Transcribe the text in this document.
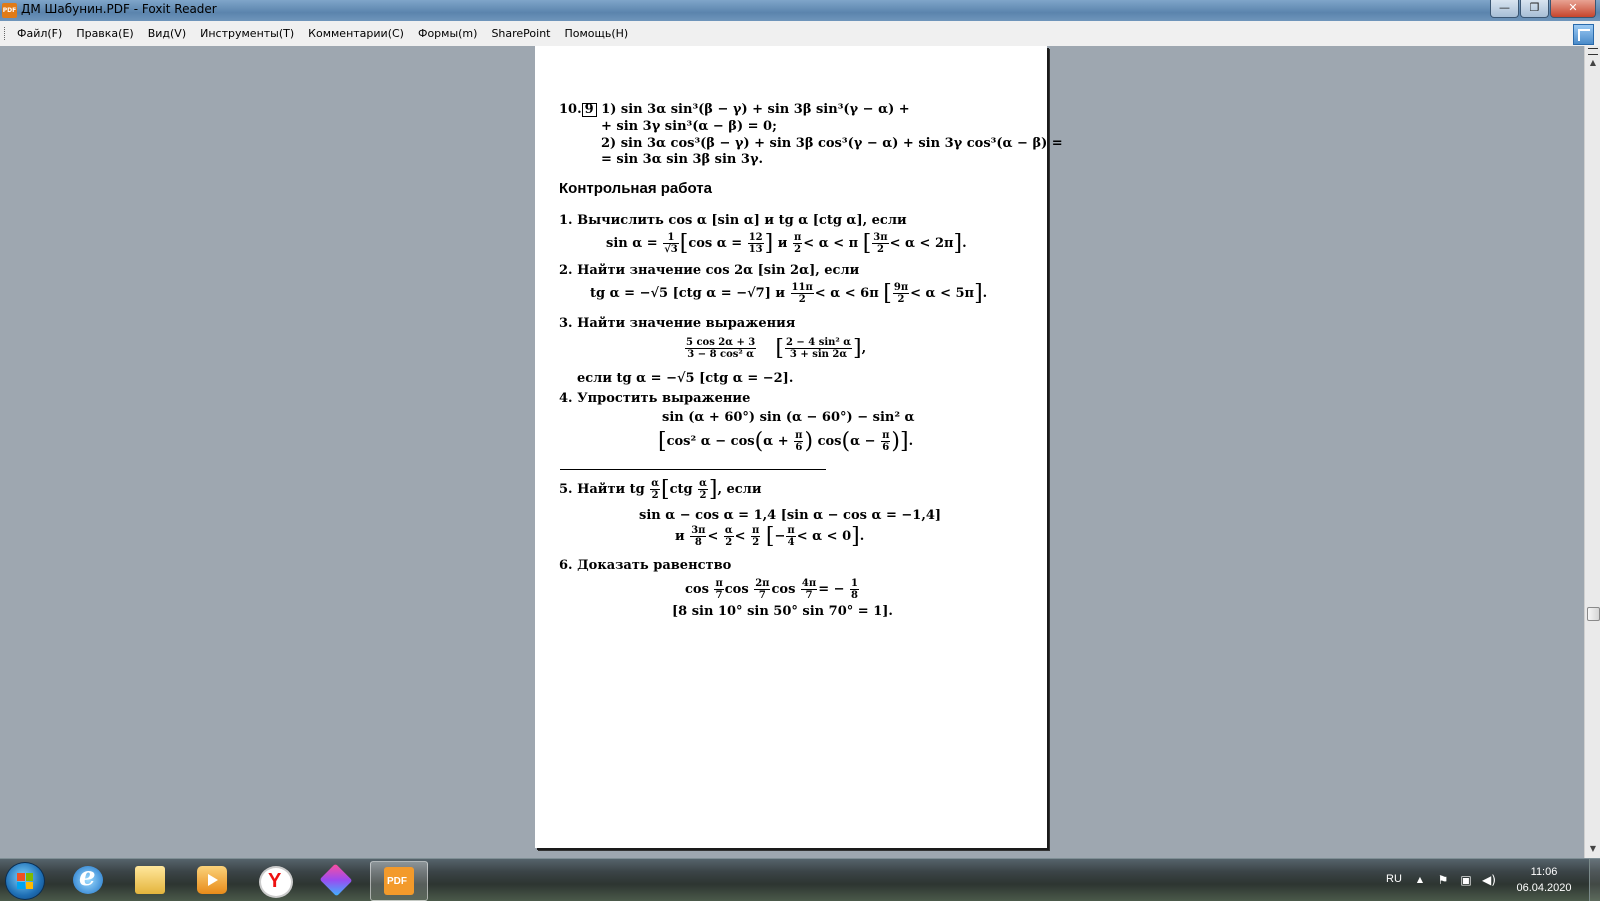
PDF ДМ Шабунин.PDF - Foxit Reader	—	❐	✕
Файл(F)	Правка(E)	Вид(V)	Инструменты(T)	Комментарии(C)	Формы(m)	SharePoint	Помощь(H)
10. 9 1) sin 3α sin³(β − γ) + sin 3β sin³(γ − α) +
+ sin 3γ sin³(α − β) = 0;
2) sin 3α cos³(β − γ) + sin 3β cos³(γ − α) + sin 3γ cos³(α − β) =
= sin 3α sin 3β sin 3γ.
Контрольная работа
1. Вычислить cos α [sin α] и tg α [ctg α], если
$\sin \alpha = \frac{1}{√3} [\cos$ $\alpha = \frac{12}{13}$ ] и $\frac{\pi}{2} < \alpha < \pi$ [ $\frac{3\pi}{2} < \alpha < 2\pi$].
2. Найти значение cos 2α [sin 2α], если
tg α = −√5 [ctg α = −√7] и $\frac{11\pi}{2} < \alpha < 6\pi$ [ $\frac{9\pi}{2} < \alpha < 5\pi$].
3. Найти значение выражения
$\frac{5 \cos 2\alpha + 3}{\text{3 − 8 cos² α}}$ [ $\frac{\text{2 − 4 sin² α}}{3 + \sin 2\alpha}$ ],
если tg α = −√5 [ctg α = −2].
4. Упростить выражение
sin (α + 60°) sin (α − 60°) − sin² α
[cos² $\alpha - \cos(\alpha + \frac{\pi}{6}$ ) $\cos(\alpha - \frac{\pi}{6}$ )].
5. Найти tg $\frac{\alpha}{2} [ctg \frac{\alpha}{2}$ ], если
sin α − cos α = 1,4 [sin α − cos α = −1,4]
и $\frac{3\pi}{8} < \frac{\alpha}{2} < \frac{\pi}{2}$ [− $\frac{\pi}{4} < \alpha < 0$].
6. Доказать равенство
$\cos \frac{\pi}{7}$ $\cos \frac{2\pi}{7}$ $\cos \frac{4\pi}{7}$ = − $\frac{1}{8}$
[8 sin 10° sin 50° sin 70° = 1].
▲
▼
e
Y
PDF
RU	▲	⚑ ▣ ◀)
11:06
06.04.2020
